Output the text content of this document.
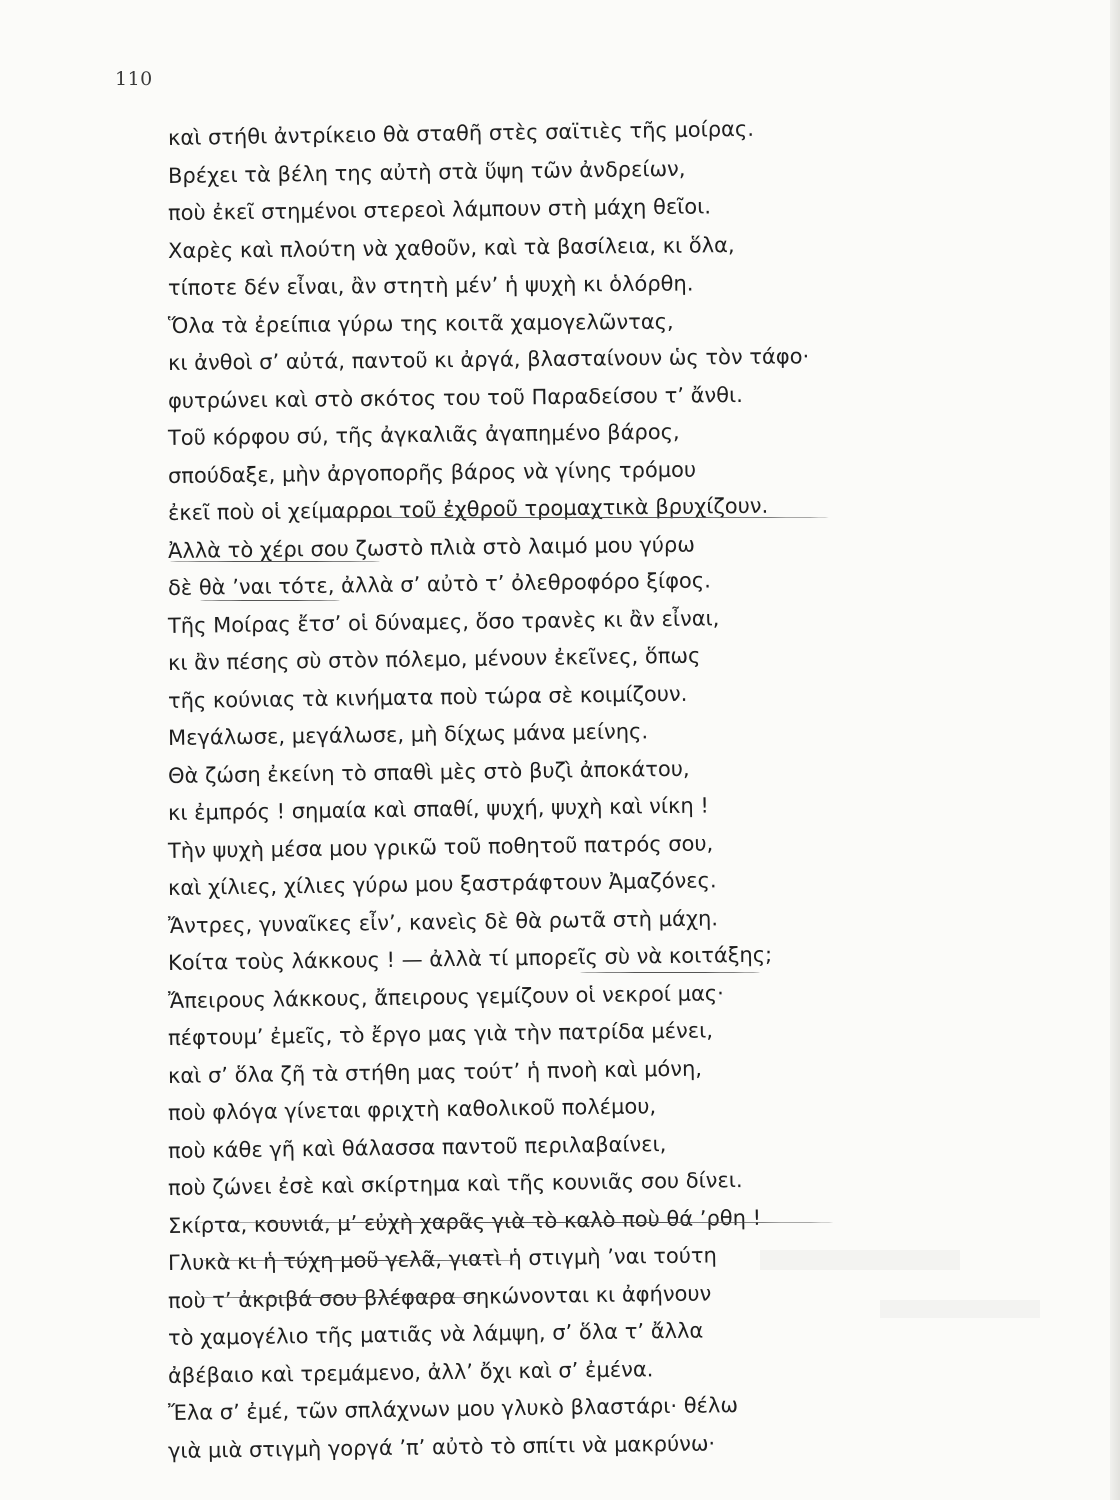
110
καὶ στήθι ἀντρίκειο θὰ σταθῆ στὲς σαϊτιὲς τῆς μοίρας.
Βρέχει τὰ βέλη της αὐτὴ στὰ ὕψη τῶν ἀνδρείων,
ποὺ ἐκεῖ στημένοι στερεοὶ λάμπουν στὴ μάχη θεῖοι.
Χαρὲς καὶ πλούτη νὰ χαθοῦν, καὶ τὰ βασίλεια, κι ὅλα,
τίποτε δέν εἶναι, ἂν στητὴ μέν’ ἡ ψυχὴ κι ὁλόρθη.
Ὅλα τὰ ἐρείπια γύρω της κοιτᾶ χαμογελῶντας,
κι ἀνθοὶ σ’ αὐτά, παντοῦ κι ἀργά, βλασταίνουν ὡς τὸν τάφο·
φυτρώνει καὶ στὸ σκότος του τοῦ Παραδείσου τ’ ἄνθι.
Τοῦ κόρφου σύ, τῆς ἀγκαλιᾶς ἀγαπημένο βάρος,
σπούδαξε, μὴν ἀργοπορῆς βάρος νὰ γίνης τρόμου
ἐκεῖ ποὺ οἱ χείμαρροι τοῦ ἐχθροῦ τρομαχτικὰ βρυχίζουν.
Ἀλλὰ τὸ χέρι σου ζωστὸ πλιὰ στὸ λαιμό μου γύρω
δὲ θὰ ’ναι τότε, ἀλλὰ σ’ αὐτὸ τ’ ὀλεθροφόρο ξίφος.
Τῆς Μοίρας ἔτσ’ οἱ δύναμες, ὅσο τρανὲς κι ἂν εἶναι,
κι ἂν πέσης σὺ στὸν πόλεμο, μένουν ἐκεῖνες, ὅπως
τῆς κούνιας τὰ κινήματα ποὺ τώρα σὲ κοιμίζουν.
Μεγάλωσε, μεγάλωσε, μὴ δίχως μάνα μείνης.
Θὰ ζώση ἐκείνη τὸ σπαθὶ μὲς στὸ βυζὶ ἀποκάτου,
κι ἐμπρός ! σημαία καὶ σπαθί, ψυχή, ψυχὴ καὶ νίκη !
Τὴν ψυχὴ μέσα μου γρικῶ τοῦ ποθητοῦ πατρός σου,
καὶ χίλιες, χίλιες γύρω μου ξαστράφτουν Ἀμαζόνες.
Ἄντρες, γυναῖκες εἶν’, κανεὶς δὲ θὰ ρωτᾶ στὴ μάχη.
Κοίτα τοὺς λάκκους ! — ἀλλὰ τί μπορεῖς σὺ νὰ κοιτάξης;
Ἄπειρους λάκκους, ἄπειρους γεμίζουν οἱ νεκροί μας·
πέφτουμ’ ἐμεῖς, τὸ ἔργο μας γιὰ τὴν πατρίδα μένει,
καὶ σ’ ὅλα ζῆ τὰ στήθη μας τούτ’ ἡ πνοὴ καὶ μόνη,
ποὺ φλόγα γίνεται φριχτὴ καθολικοῦ πολέμου,
ποὺ κάθε γῆ καὶ θάλασσα παντοῦ περιλαβαίνει,
ποὺ ζώνει ἐσὲ καὶ σκίρτημα καὶ τῆς κουνιᾶς σου δίνει.
Σκίρτα, κουνιά, μ’ εὐχὴ χαρᾶς γιὰ τὸ καλὸ ποὺ θά ’ρθη !
Γλυκὰ κι ἡ τύχη μοῦ γελᾶ, γιατὶ ἡ στιγμὴ ’ναι τούτη
ποὺ τ’ ἀκριβά σου βλέφαρα σηκώνονται κι ἀφήνουν
τὸ χαμογέλιο τῆς ματιᾶς νὰ λάμψη, σ’ ὅλα τ’ ἄλλα
ἀβέβαιο καὶ τρεμάμενο, ἀλλ’ ὄχι καὶ σ’ ἐμένα.
Ἔλα σ’ ἐμέ, τῶν σπλάχνων μου γλυκὸ βλαστάρι· θέλω
γιὰ μιὰ στιγμὴ γοργά ’π’ αὐτὸ τὸ σπίτι νὰ μακρύνω·
